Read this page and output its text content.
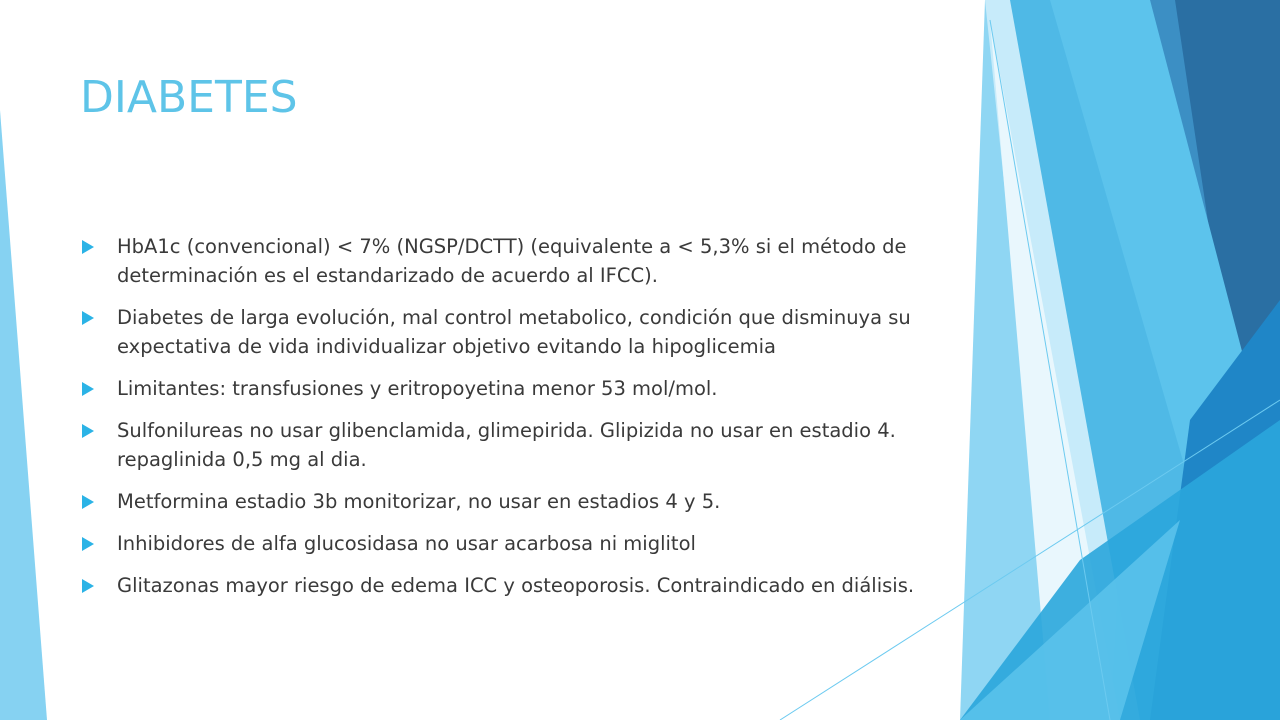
DIABETES
HbA1c (convencional) < 7% (NGSP/DCTT) (equivalente a < 5,3% si el método de determinación es el estandarizado de acuerdo al IFCC).
Diabetes de larga evolución, mal control metabolico, condición que disminuya su expectativa de vida individualizar objetivo evitando la hipoglicemia
Limitantes: transfusiones y eritropoyetina menor 53 mol/mol.
Sulfonilureas no usar glibenclamida, glimepirida. Glipizida no usar en estadio 4. repaglinida 0,5 mg al dia.
Metformina estadio 3b monitorizar, no usar en estadios 4 y 5.
Inhibidores de alfa glucosidasa no usar acarbosa ni miglitol
Glitazonas mayor riesgo de edema ICC y osteoporosis. Contraindicado en diálisis.
